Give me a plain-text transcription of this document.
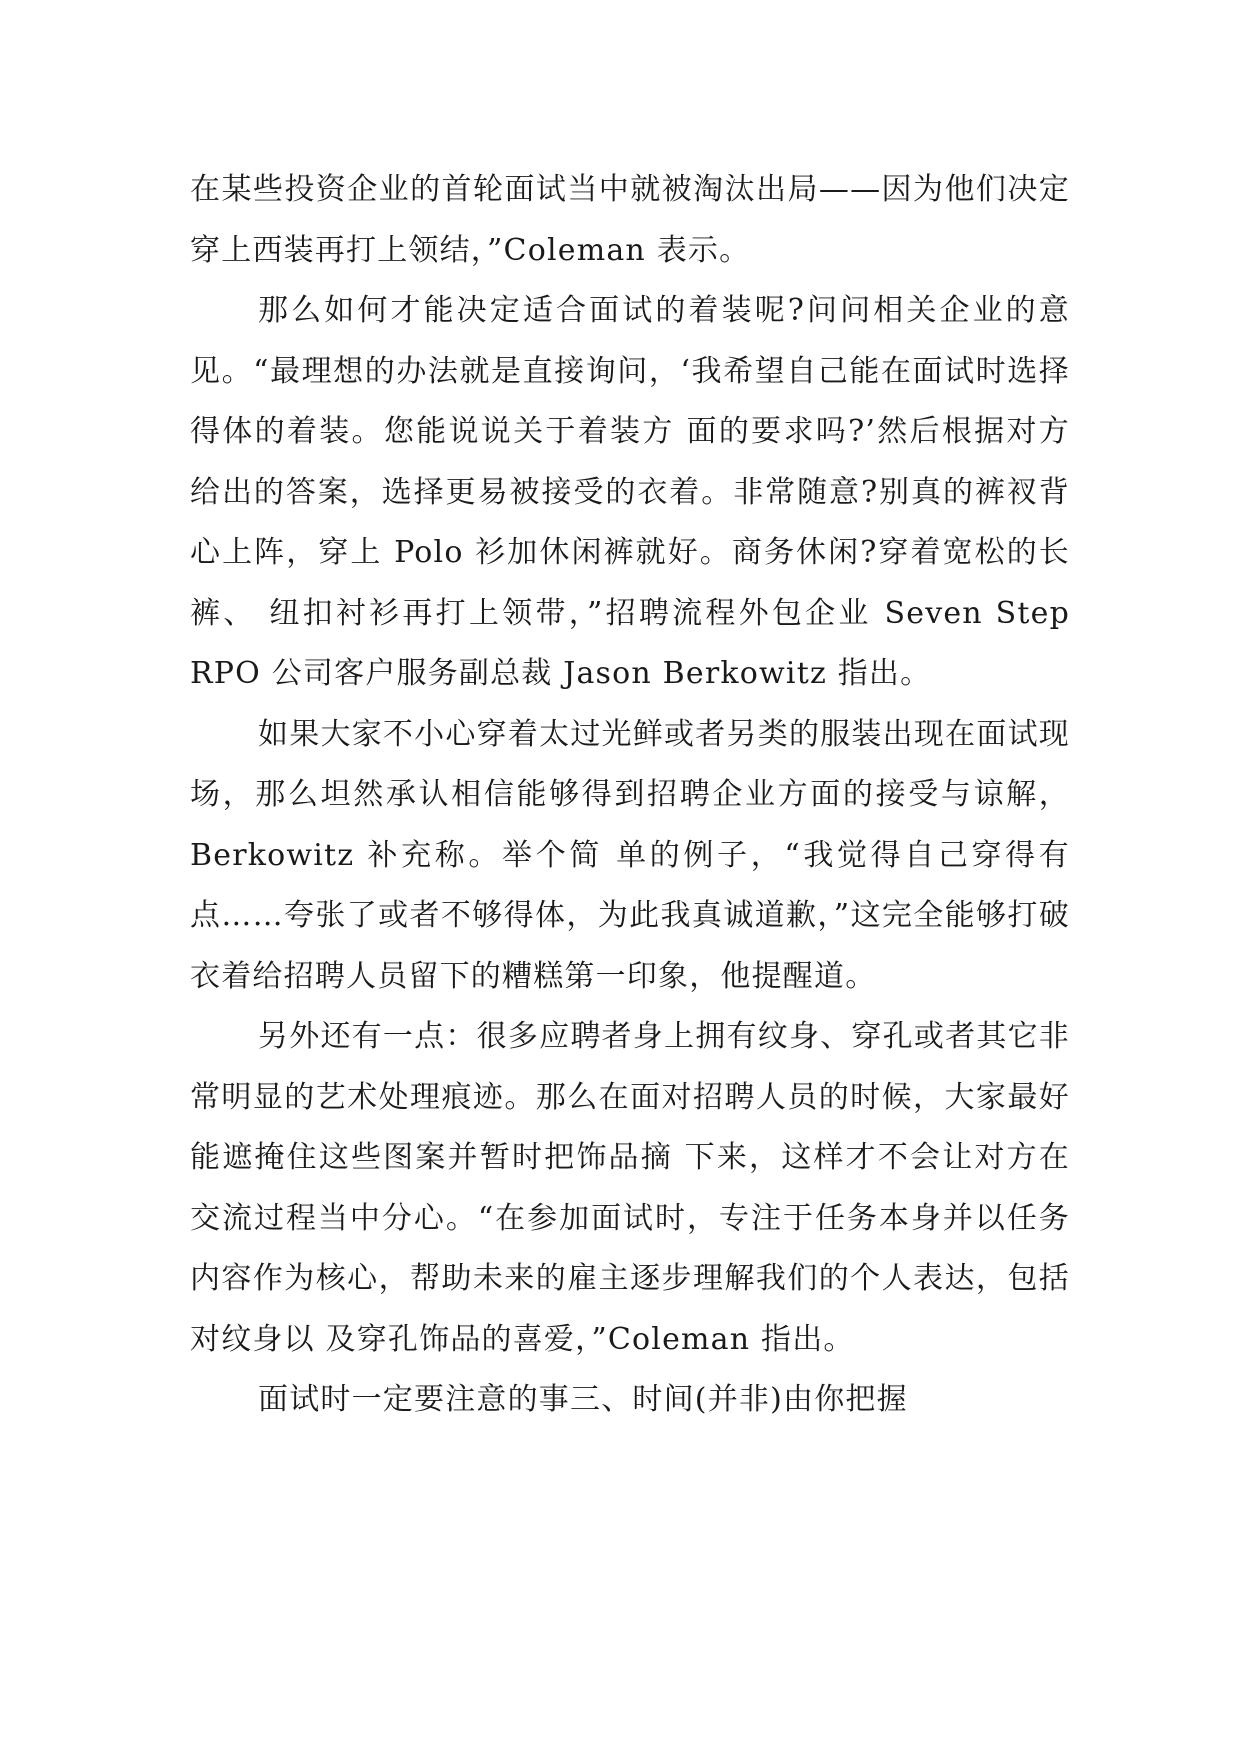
在某些投资企业的首轮面试当中就被淘汰出局——因为他们决定穿上西装再打上领结，”Coleman 表示。

那么如何才能决定适合面试的着装呢?问问相关企业的意见。“最理想的办法就是直接询问，‘我希望自己能在面试时选择得体的着装。您能说说关于着装方 面的要求吗?’然后根据对方给出的答案，选择更易被接受的衣着。非常随意?别真的裤衩背心上阵，穿上 Polo 衫加休闲裤就好。商务休闲?穿着宽松的长裤、 纽扣衬衫再打上领带，”招聘流程外包企业 Seven Step RPO 公司客户服务副总裁 Jason Berkowitz 指出。

如果大家不小心穿着太过光鲜或者另类的服装出现在面试现场，那么坦然承认相信能够得到招聘企业方面的接受与谅解，Berkowitz 补充称。举个简 单的例子，“我觉得自己穿得有点……夸张了或者不够得体，为此我真诚道歉，”这完全能够打破衣着给招聘人员留下的糟糕第一印象，他提醒道。

另外还有一点：很多应聘者身上拥有纹身、穿孔或者其它非常明显的艺术处理痕迹。那么在面对招聘人员的时候，大家最好能遮掩住这些图案并暂时把饰品摘 下来，这样才不会让对方在交流过程当中分心。“在参加面试时，专注于任务本身并以任务内容作为核心，帮助未来的雇主逐步理解我们的个人表达，包括对纹身以 及穿孔饰品的喜爱，”Coleman 指出。

面试时一定要注意的事三、时间(并非)由你把握
